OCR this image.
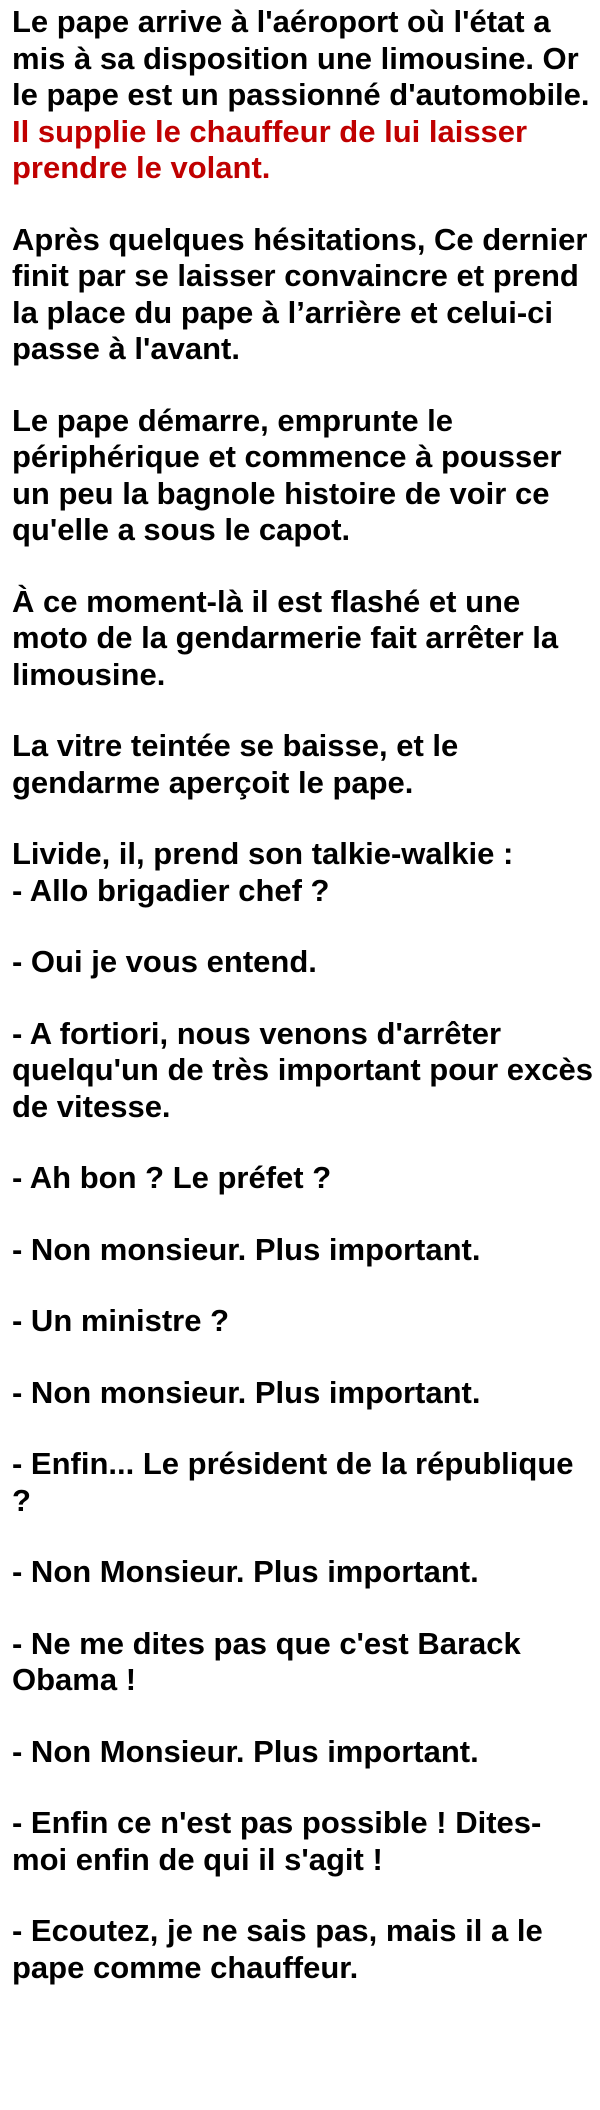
Le pape arrive à l'aéroport où l'état a mis à sa disposition une limousine. Or le pape est un passionné d'automobile. Il supplie le chauffeur de lui laisser prendre le volant.

Après quelques hésitations, Ce dernier finit par se laisser convaincre et prend la place du pape à l’arrière et celui-ci passe à l'avant.

Le pape démarre, emprunte le périphérique et commence à pousser un peu la bagnole histoire de voir ce qu'elle a sous le capot.

À ce moment-là il est flashé et une moto de la gendarmerie fait arrêter la limousine.

La vitre teintée se baisse, et le gendarme aperçoit le pape.

Livide, il, prend son talkie-walkie :
- Allo brigadier chef ?

- Oui je vous entend.

- A fortiori, nous venons d'arrêter quelqu'un de très important pour excès de vitesse.

- Ah bon ? Le préfet ?

- Non monsieur. Plus important.

- Un ministre ?

- Non monsieur. Plus important.

- Enfin... Le président de la république ?

- Non Monsieur. Plus important.

- Ne me dites pas que c'est Barack Obama !

- Non Monsieur. Plus important.

- Enfin ce n'est pas possible ! Dites-moi enfin de qui il s'agit !

- Ecoutez, je ne sais pas, mais il a le pape comme chauffeur.
